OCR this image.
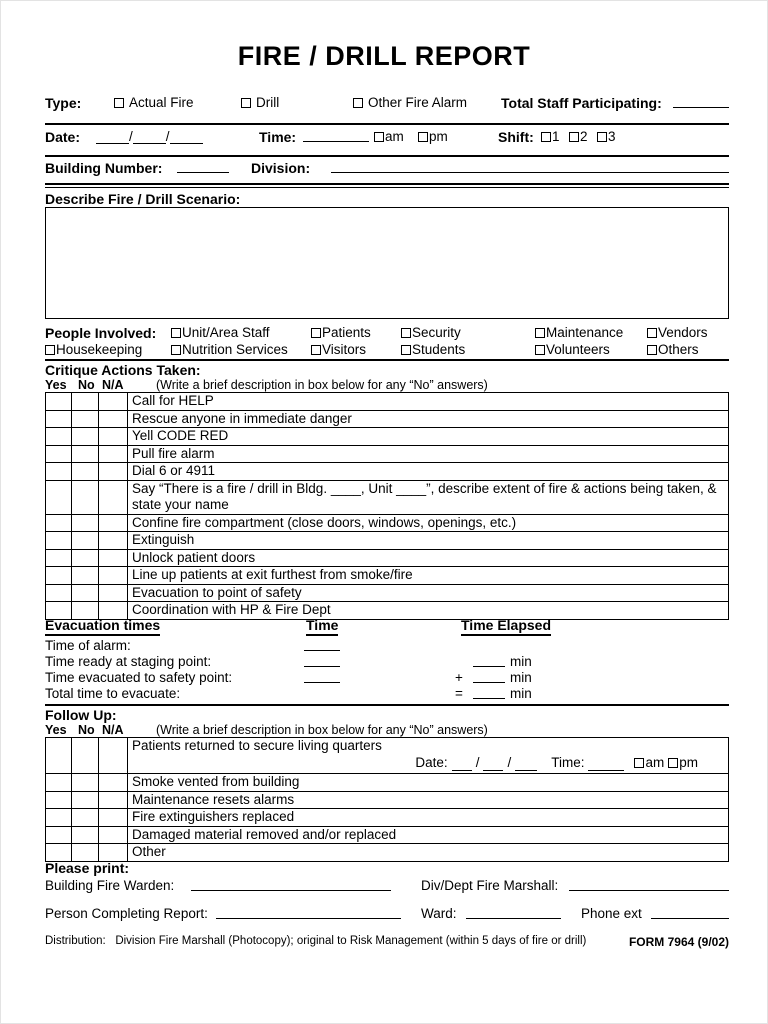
FIRE / DRILL REPORT
Type:	Actual Fire	Drill	Other Fire Alarm Total Staff Participating:
Date:	/ /	Time:	am	pm	Shift:	1	2	3
Building Number:	Division:
Describe Fire / Drill Scenario:
People Involved:	Unit/Area Staff	Patients	Security	Maintenance	Vendors
Housekeeping	Nutrition Services	Visitors	Students	Volunteers	Others
Critique Actions Taken:
Yes No N/A	(Write a brief description in box below for any “No” answers)
Call for HELP
Rescue anyone in immediate danger
Yell CODE RED
Pull fire alarm
Dial 6 or 4911
Say “There is a fire / drill in Bldg. ____, Unit ____”, describe extent of fire & actions being taken, & state your name
Confine fire compartment (close doors, windows, openings, etc.)
Extinguish
Unlock patient doors
Line up patients at exit furthest from smoke/fire
Evacuation to point of safety
Coordination with HP & Fire Dept
Evacuation times	Time	Time Elapsed
Time of alarm:
Time ready at staging point:	min
Time evacuated to safety point:	+	min
Total time to evacuate:	=	min
Follow Up:
Yes No N/A	(Write a brief description in box below for any “No” answers)
Patients returned to secure living quarters
Date: / /	Time:	am	pm
Smoke vented from building
Maintenance resets alarms
Fire extinguishers replaced
Damaged material removed and/or replaced
Other
Please print:
Building Fire Warden:	Div/Dept Fire Marshall:
Person Completing Report:	Ward:	Phone ext
Distribution: Division Fire Marshall (Photocopy); original to Risk Management (within 5 days of fire or drill)	FORM 7964 (9/02)
